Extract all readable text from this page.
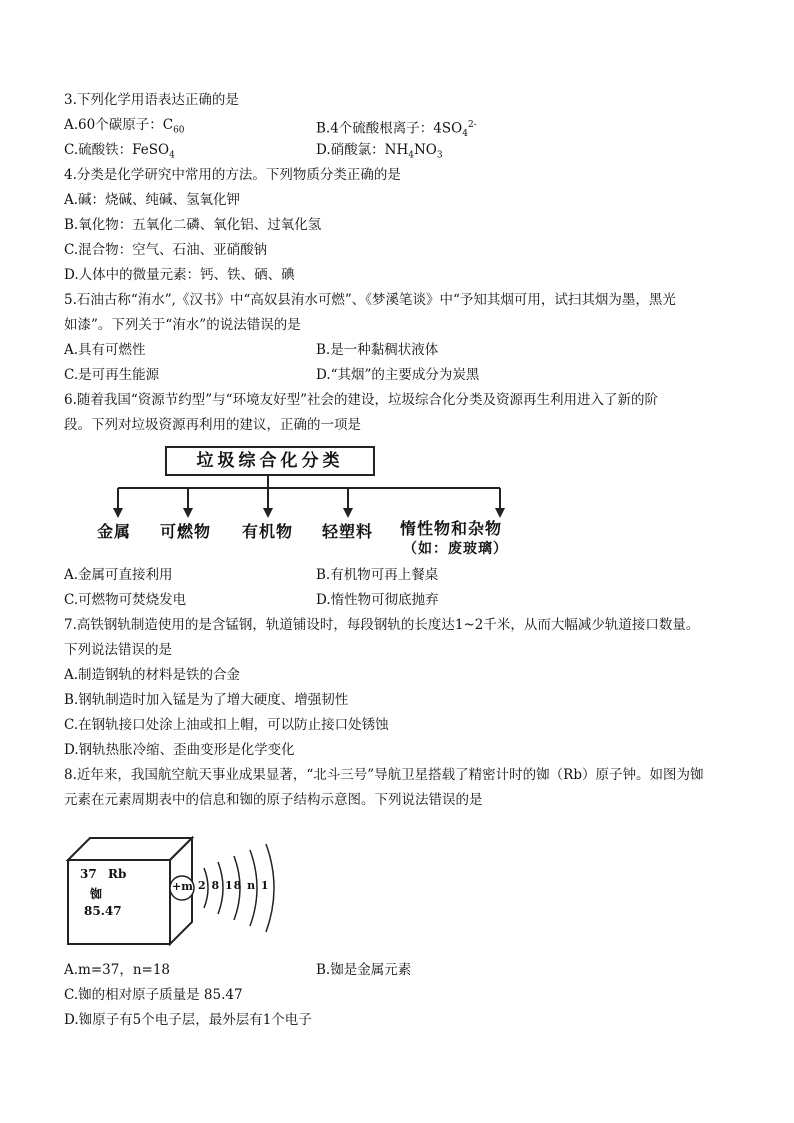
3.下列化学用语表达正确的是
A.60个碳原子：$C_{60}$	B.4个硫酸根离子：$4SO_4^{2-}$
C.硫酸铁：FeSO$_4$	D.硝酸氯：$NH_4NO_3$
4.分类是化学研究中常用的方法。下列物质分类正确的是
A.碱：烧碱、纯碱、氢氧化钾
B.氧化物：五氧化二磷、氧化铝、过氧化氢
C.混合物：空气、石油、亚硝酸钠
D.人体中的微量元素：钙、铁、硒、碘
5.石油古称“洧水”,《汉书》中“高奴县洧水可燃”、《梦溪笔谈》中“予知其烟可用，试扫其烟为墨，黑光
如漆”。下列关于“洧水”的说法错误的是
A.具有可燃性	B.是一种黏稠状液体
C.是可再生能源	D.“其烟”的主要成分为炭黑
6.随着我国“资源节约型”与“环境友好型”社会的建设，垃圾综合化分类及资源再生利用进入了新的阶
段。下列对垃圾资源再利用的建议，正确的一项是
垃圾综合化分类
金属 可燃物 有机物 轻塑料 惰性物和杂物
（如：废玻璃）
A.金属可直接利用	B.有机物可再上餐桌
C.可燃物可焚烧发电	D.惰性物可彻底抛弃
7.高铁钢轨制造使用的是含锰钢，轨道铺设时，每段钢轨的长度达1~2千米，从而大幅减少轨道接口数量。
下列说法错误的是
A.制造钢轨的材料是铁的合金
B.钢轨制造时加入锰是为了增大硬度、增强韧性
C.在钢轨接口处涂上油或扣上帽，可以防止接口处锈蚀
D.钢轨热胀冷缩、歪曲变形是化学变化
8.近年来，我国航空航天事业成果显著，“北斗三号”导航卫星搭载了精密计时的铷（Rb）原子钟。如图为铷
元素在元素周期表中的信息和铷的原子结构示意图。下列说法错误的是
37 Rb
铷
85.47
+m 2 8 18 n 1
A.m=37，n=18	B.铷是金属元素
C.铷的相对原子质量是 85.47
D.铷原子有5个电子层，最外层有1个电子
